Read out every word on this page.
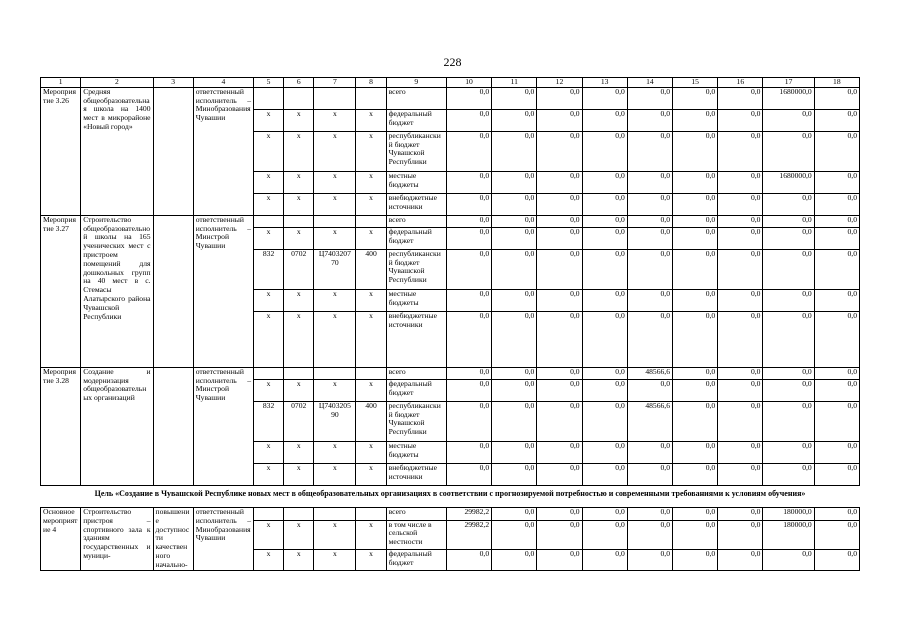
228
1	2	3	4	5	6	7	8	9	10	11	12	13	14	15	16	17	18
Мероприятие 3.26	Средняя общеобразовательная школа на 1400 мест в микрорайоне «Новый город»		ответственный исполнитель – Минобразования Чувашии					всего	0,0	0,0	0,0	0,0	0,0	0,0	0,0	1680000,0	0,0
				x	x	x	x	федеральный бюджет	0,0	0,0	0,0	0,0	0,0	0,0	0,0	0,0	0,0
				x	x	x	x	республиканский бюджет Чувашской Республики	0,0	0,0	0,0	0,0	0,0	0,0	0,0	0,0	0,0
				x	x	x	x	местные бюджеты	0,0	0,0	0,0	0,0	0,0	0,0	0,0	1680000,0	0,0
				x	x	x	x	внебюджетные источники	0,0	0,0	0,0	0,0	0,0	0,0	0,0	0,0	0,0
Мероприятие 3.27	Строительство общеобразовательной школы на 165 ученических мест с пристроем помещений для дошкольных групп на 40 мест в с. Стемасы Алатырского района Чувашской Республики		ответственный исполнитель – Минстрой Чувашии					всего	0,0	0,0	0,0	0,0	0,0	0,0	0,0	0,0	0,0
				x	x	x	x	федеральный бюджет	0,0	0,0	0,0	0,0	0,0	0,0	0,0	0,0	0,0
				832	0702	Ц7403207 70	400	республиканский бюджет Чувашской Республики	0,0	0,0	0,0	0,0	0,0	0,0	0,0	0,0	0,0
				x	x	x	x	местные бюджеты	0,0	0,0	0,0	0,0	0,0	0,0	0,0	0,0	0,0
				x	x	x	x	внебюджетные источники	0,0	0,0	0,0	0,0	0,0	0,0	0,0	0,0	0,0
Мероприятие 3.28	Создание и модернизация общеобразовательных организаций		ответственный исполнитель – Минстрой Чувашии					всего	0,0	0,0	0,0	0,0	48566,6	0,0	0,0	0,0	0,0
				x	x	x	x	федеральный бюджет	0,0	0,0	0,0	0,0	0,0	0,0	0,0	0,0	0,0
				832	0702	Ц7403205 90	400	республиканский бюджет Чувашской Республики	0,0	0,0	0,0	0,0	48566,6	0,0	0,0	0,0	0,0
				x	x	x	x	местные бюджеты	0,0	0,0	0,0	0,0	0,0	0,0	0,0	0,0	0,0
				x	x	x	x	внебюджетные источники	0,0	0,0	0,0	0,0	0,0	0,0	0,0	0,0	0,0
Цель «Создание в Чувашской Республике новых мест в общеобразовательных организациях в соответствии с прогнозируемой потребностью и современными требованиями к условиям обучения»
Основное мероприятие 4	Строительство пристроя – спортивного зала к зданиям государственных и муници-	повышение доступности качественного начально-	ответственный исполнитель – Минобразования Чувашии					всего	29982,2	0,0	0,0	0,0	0,0	0,0	0,0	180000,0	0,0
				x	x	x	x	в том числе в сельской местности	29982,2	0,0	0,0	0,0	0,0	0,0	0,0	180000,0	0,0
				x	x	x	x	федеральный бюджет	0,0	0,0	0,0	0,0	0,0	0,0	0,0	0,0	0,0
